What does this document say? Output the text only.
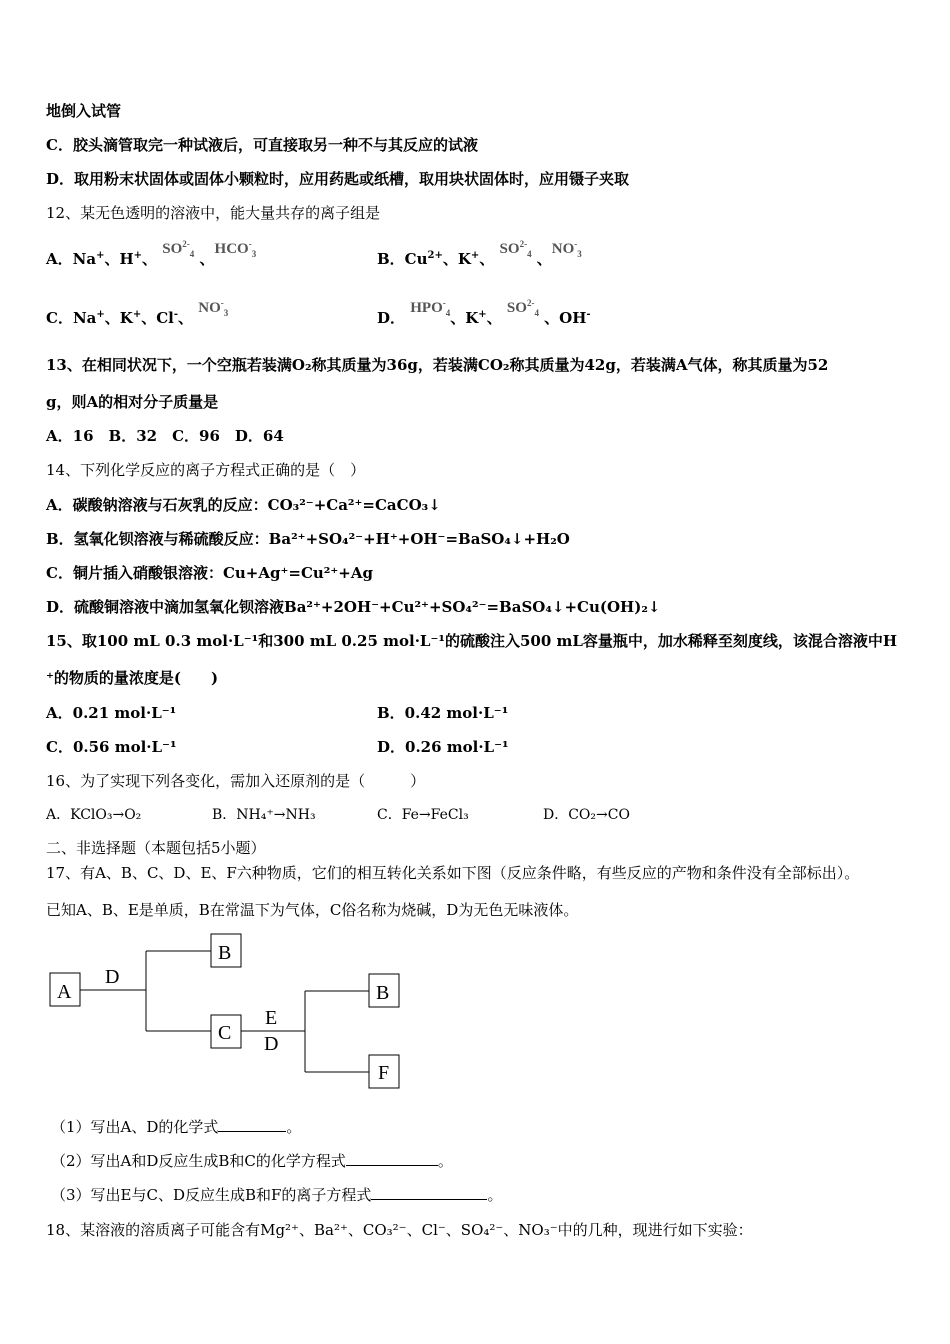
地倒入试管
C．胶头滴管取完一种试液后，可直接取另一种不与其反应的试液
D．取用粉末状固体或固体小颗粒时，应用药匙或纸槽，取用块状固体时，应用镊子夹取
12、某无色透明的溶液中，能大量共存的离子组是
A．Na+、H+、 $SO^{2-}_4$ 、$HCO^-_3$	B．$Cu^{2+}$、K+、 $SO^{2-}_4$ 、$NO^-_3$
C．Na+、K+、Cl-、 $NO^-_3$	D． $HPO^-_4$、K+、 $SO^{2-}_4$ 、OH-
13、在相同状况下，一个空瓶若装满O₂称其质量为36g，若装满CO₂称其质量为42g，若装满A气体，称其质量为52
g，则A的相对分子质量是
A．16　B．32　C．96　D．64
14、下列化学反应的离子方程式正确的是（　）
A．碳酸钠溶液与石灰乳的反应：CO₃²⁻+Ca²⁺=CaCO₃↓
B．氢氧化钡溶液与稀硫酸反应：Ba²⁺+SO₄²⁻+H⁺+OH⁻=BaSO₄↓+H₂O
C．铜片插入硝酸银溶液：Cu+Ag⁺=Cu²⁺+Ag
D．硫酸铜溶液中滴加氢氧化钡溶液Ba²⁺+2OH⁻+Cu²⁺+SO₄²⁻=BaSO₄↓+Cu(OH)₂↓
15、取100 mL 0.3 mol·L⁻¹和300 mL 0.25 mol·L⁻¹的硫酸注入500 mL容量瓶中，加水稀释至刻度线，该混合溶液中H
⁺的物质的量浓度是(　　)
A．0.21 mol·L⁻¹	B．0.42 mol·L⁻¹
C．0.56 mol·L⁻¹	D．0.26 mol·L⁻¹
16、为了实现下列各变化，需加入还原剂的是（　　　）
A．KClO₃→O₂	B．NH₄⁺→NH₃	C．Fe→FeCl₃	D．CO₂→CO
二、非选择题（本题包括5小题）
17、有A、B、C、D、E、F六种物质，它们的相互转化关系如下图（反应条件略，有些反应的产物和条件没有全部标出）。
已知A、B、E是单质，B在常温下为气体，C俗名称为烧碱，D为无色无味液体。
A
B
C
B
F
D
E
D
（1）写出A、D的化学式	。
（2）写出A和D反应生成B和C的化学方程式	。
（3）写出E与C、D反应生成B和F的离子方程式	。
18、某溶液的溶质离子可能含有Mg²⁺、Ba²⁺、CO₃²⁻、Cl⁻、SO₄²⁻、NO₃⁻中的几种，现进行如下实验：
